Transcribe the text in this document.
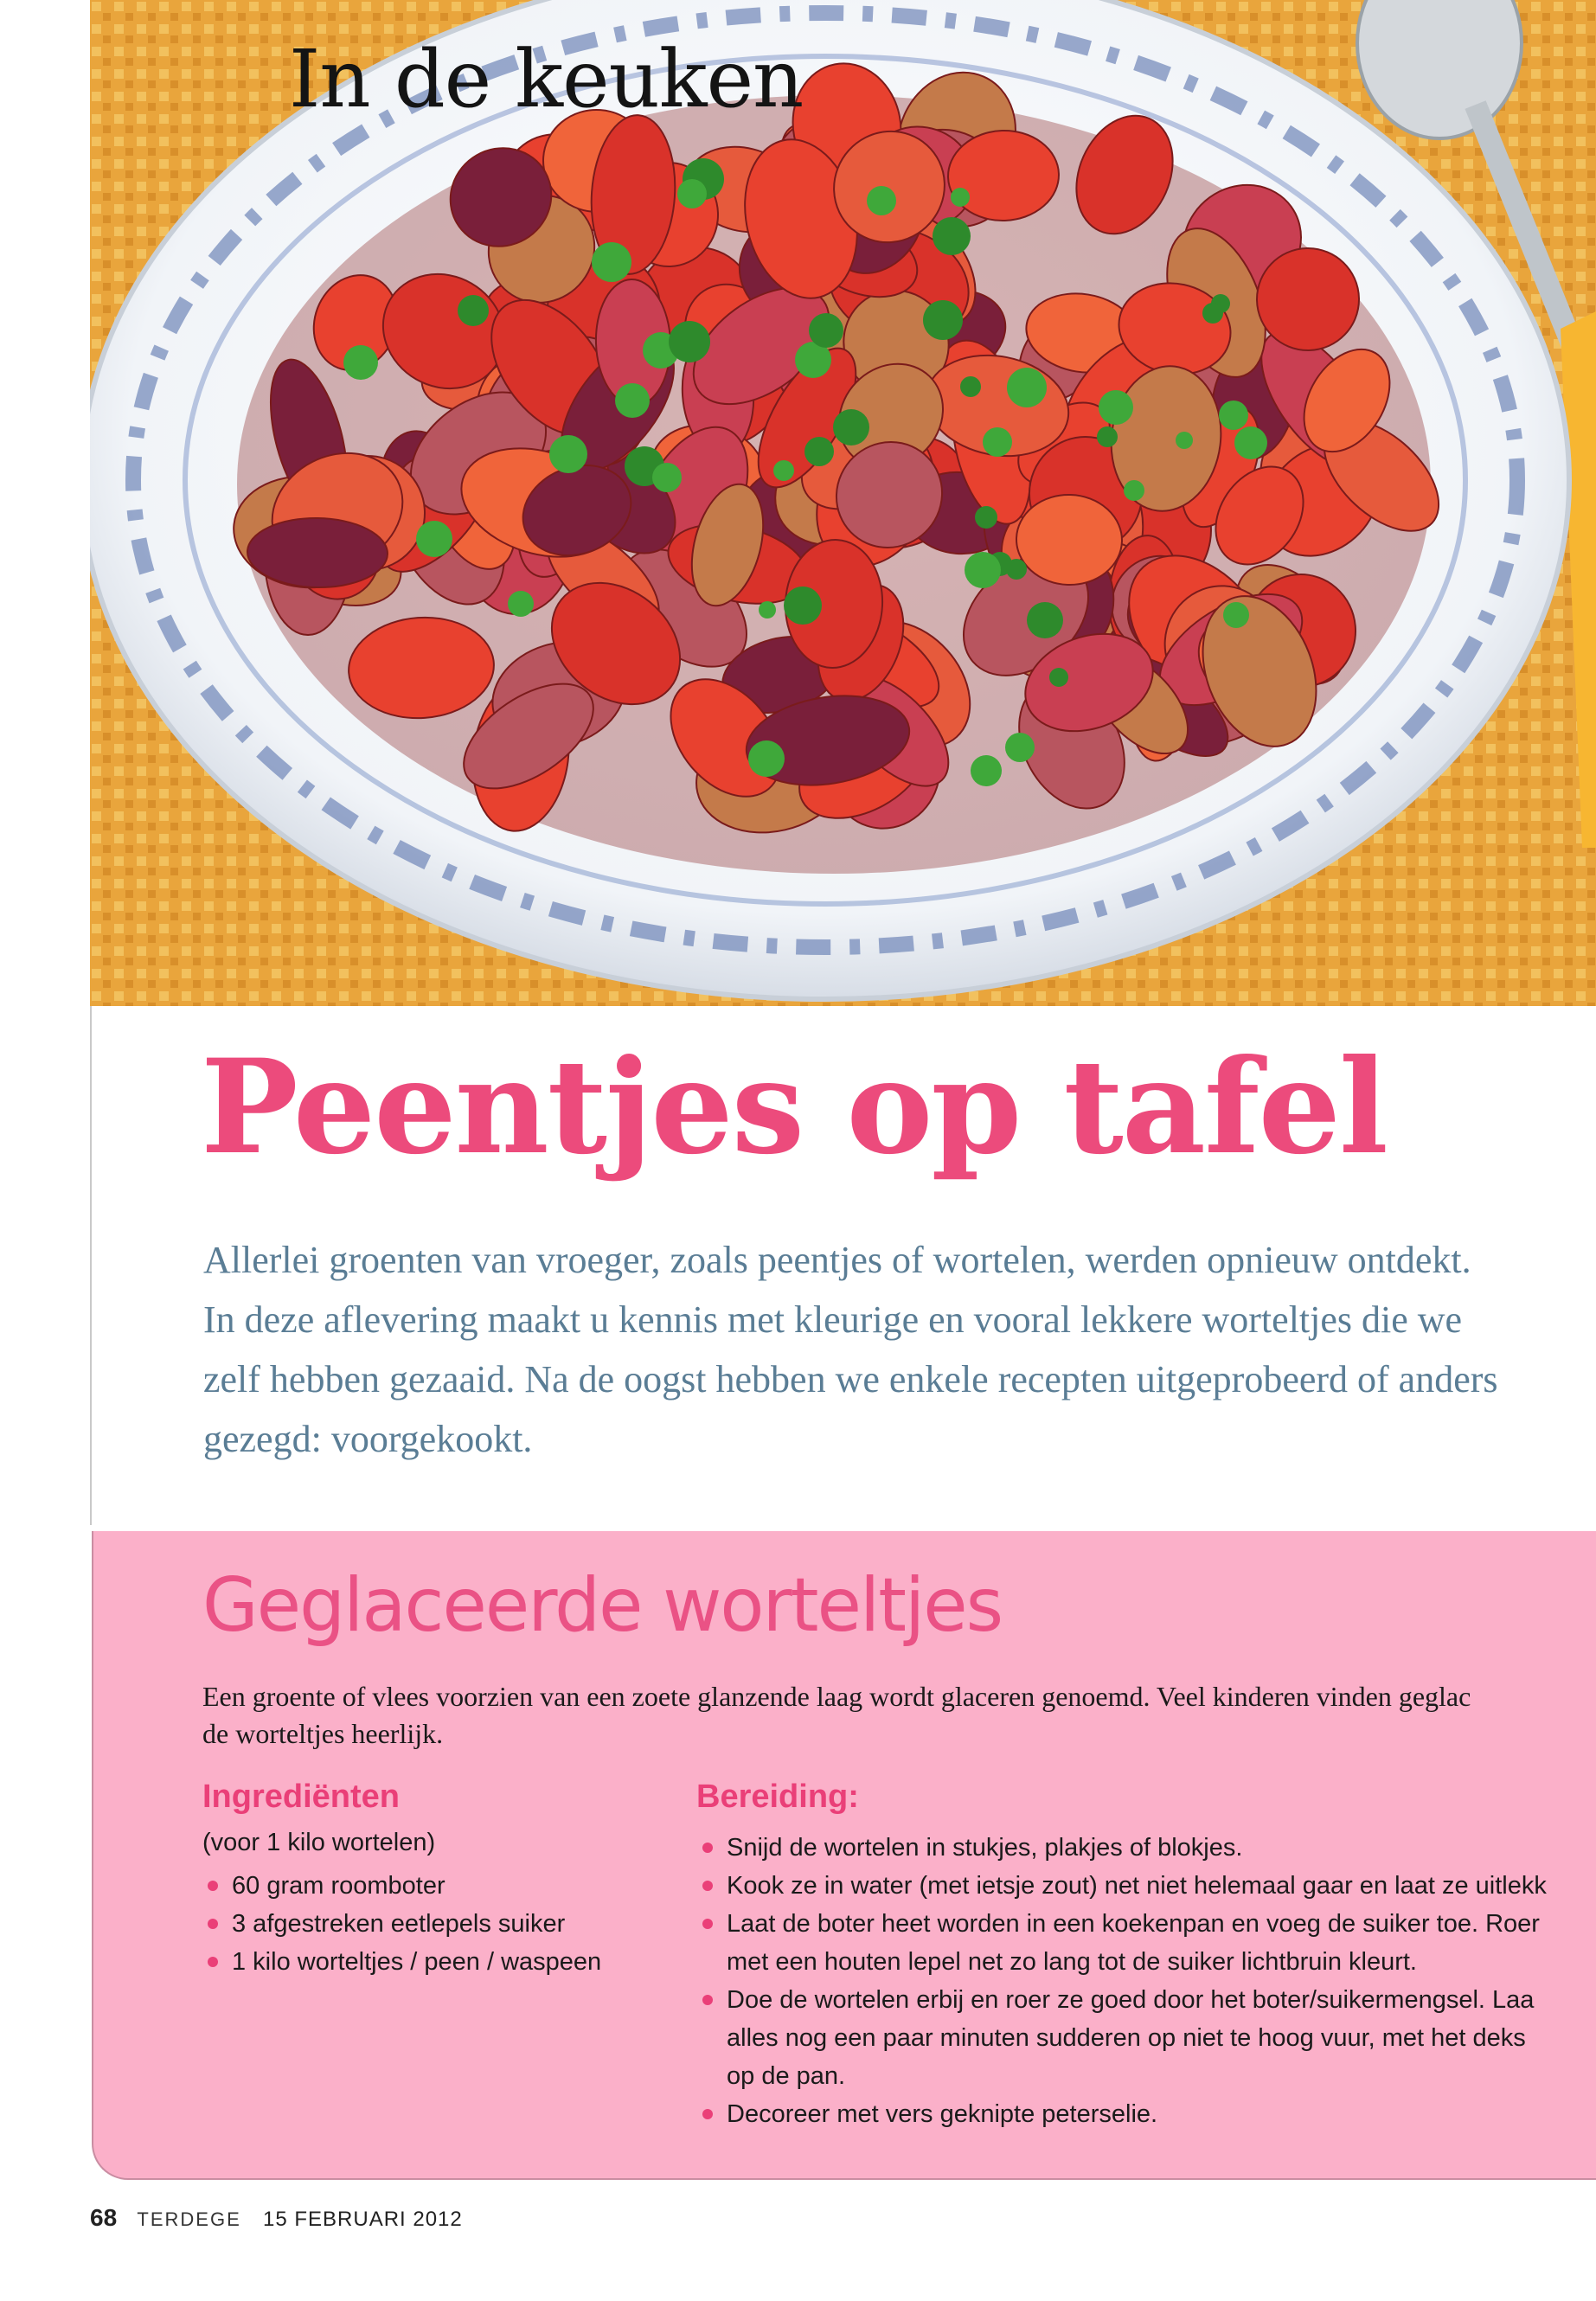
In de keuken
Peentjes op tafel

Allerlei groenten van vroeger, zoals peentjes of wortelen, werden opnieuw ontdekt.
In deze aflevering maakt u kennis met kleurige en vooral lekkere worteltjes die we
zelf hebben gezaaid. Na de oogst hebben we enkele recepten uitgeprobeerd of anders
gezegd: voorgekookt.

Geglaceerde worteltjes

Een groente of vlees voorzien van een zoete glanzende laag wordt glaceren genoemd. Veel kinderen vinden geglac
de worteltjes heerlijk.

Ingrediënten

(voor 1 kilo wortelen)

60 gram roomboter
3 afgestreken eetlepels suiker
1 kilo worteltjes / peen / waspeen
Bereiding:
Snijd de wortelen in stukjes, plakjes of blokjes.
Kook ze in water (met ietsje zout) net niet helemaal gaar en laat ze uitlekk
Laat de boter heet worden in een koekenpan en voeg de suiker toe. Roer
met een houten lepel net zo lang tot de suiker lichtbruin kleurt.
Doe de wortelen erbij en roer ze goed door het boter/suikermengsel. Laa
alles nog een paar minuten sudderen op niet te hoog vuur, met het deks
op de pan.
Decoreer met vers geknipte peterselie.

68 TERDEGE 15 FEBRUARI 2012
